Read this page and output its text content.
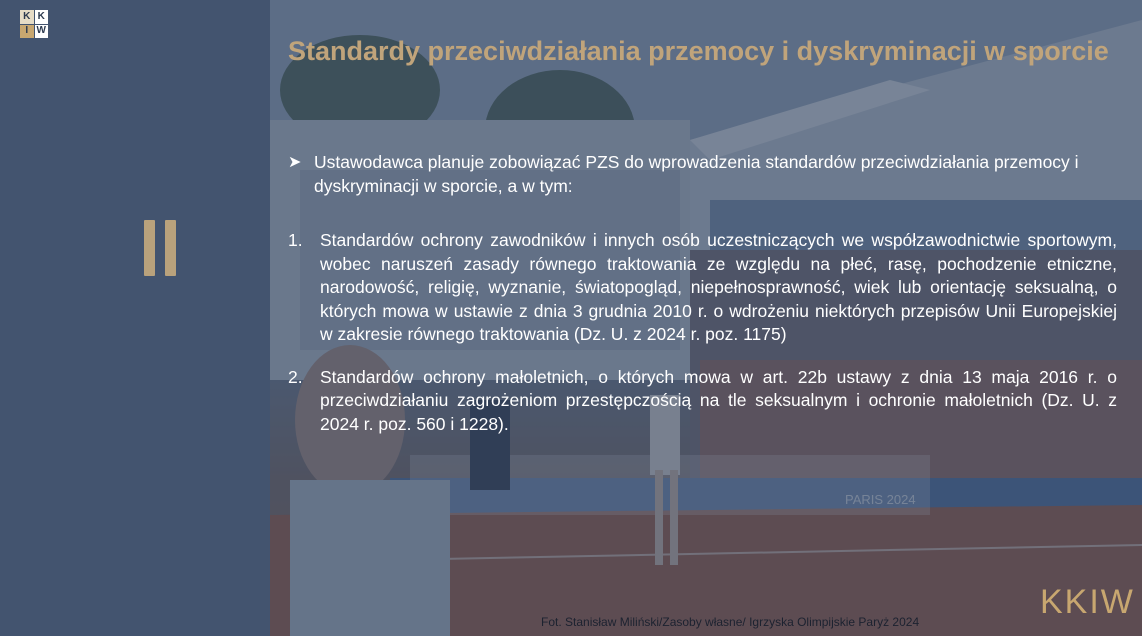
K K
I W
Standardy przeciwdziałania przemocy i dyskryminacji w sporcie
➤ Ustawodawca planuje zobowiązać PZS do wprowadzenia standardów przeciwdziałania przemocy i dyskryminacji w sporcie, a w tym:
1. Standardów ochrony zawodników i innych osób uczestniczących we współzawodnictwie sportowym, wobec naruszeń zasady równego traktowania ze względu na płeć, rasę, pochodzenie etniczne, narodowość, religię, wyznanie, światopogląd, niepełnosprawność, wiek lub orientację seksualną, o których mowa w ustawie z dnia 3 grudnia 2010 r. o wdrożeniu niektórych przepisów Unii Europejskiej w zakresie równego traktowania (Dz. U. z 2024 r. poz. 1175)
2. Standardów ochrony małoletnich, o których mowa w art. 22b ustawy z dnia 13 maja 2016 r. o przeciwdziałaniu zagrożeniom przestępczością na tle seksualnym i ochronie małoletnich (Dz. U. z 2024 r. poz. 560 i 1228).
Fot. Stanisław Miliński/Zasoby własne/ Igrzyska Olimpijskie Paryż 2024
KKIW
